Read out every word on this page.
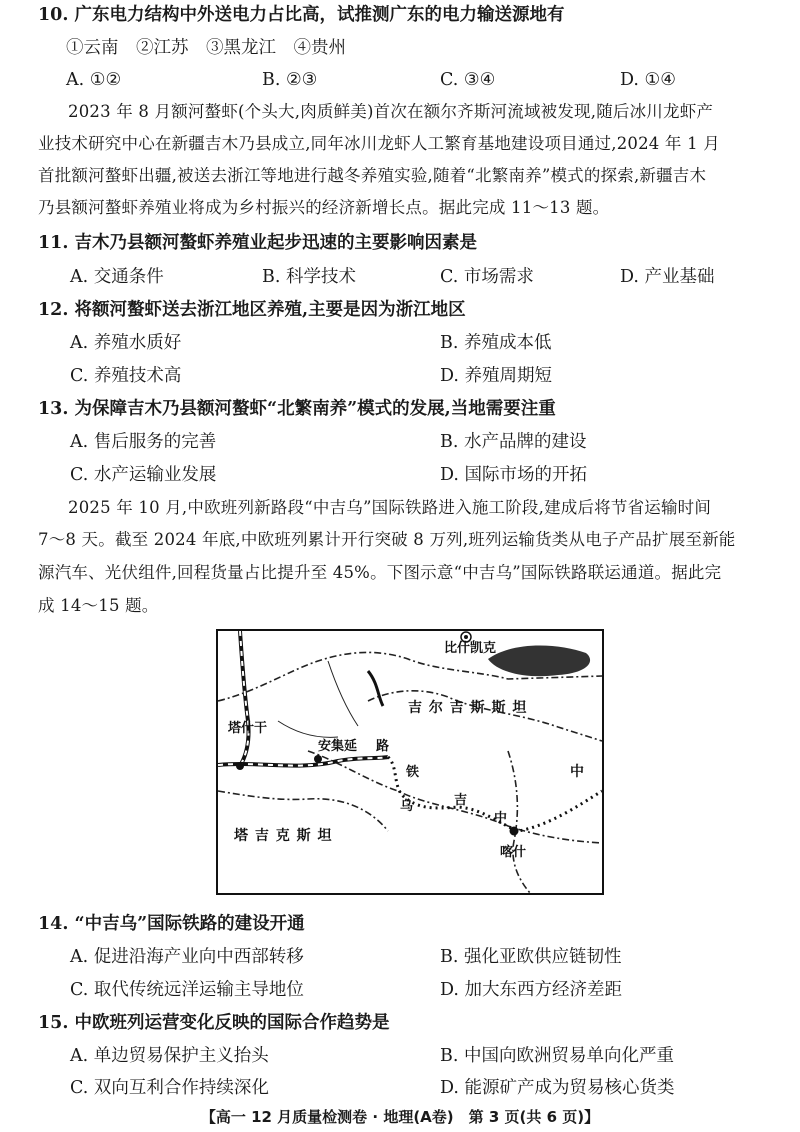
10. 广东电力结构中外送电力占比高，试推测广东的电力输送源地有
①云南　②江苏　③黑龙江　④贵州
A. ①②	B. ②③	C. ③④	D. ①④
2023 年 8 月额河螯虾(个头大,肉质鲜美)首次在额尔齐斯河流域被发现,随后冰川龙虾产
业技术研究中心在新疆吉木乃县成立,同年冰川龙虾人工繁育基地建设项目通过,2024 年 1 月
首批额河螯虾出疆,被送去浙江等地进行越冬养殖实验,随着“北繁南养”模式的探索,新疆吉木
乃县额河螯虾养殖业将成为乡村振兴的经济新增长点。据此完成 11～13 题。
11. 吉木乃县额河螯虾养殖业起步迅速的主要影响因素是
A. 交通条件	B. 科学技术	C. 市场需求	D. 产业基础
12. 将额河螯虾送去浙江地区养殖,主要是因为浙江地区
A. 养殖水质好	B. 养殖成本低
C. 养殖技术高	D. 养殖周期短
13. 为保障吉木乃县额河螯虾“北繁南养”模式的发展,当地需要注重
A. 售后服务的完善	B. 水产品牌的建设
C. 水产运输业发展	D. 国际市场的开拓
2025 年 10 月,中欧班列新路段“中吉乌”国际铁路进入施工阶段,建成后将节省运输时间
7～8 天。截至 2024 年底,中欧班列累计开行突破 8 万列,班列运输货类从电子产品扩展至新能
源汽车、光伏组件,回程货量占比提升至 45%。下图示意“中吉乌”国际铁路联运通道。据此完
成 14～15 题。
比什凯克
吉 尔 吉 斯 斯 坦
塔什干
安集延 路
铁
乌	吉
中
塔 吉 克 斯 坦
喀什
中
14. “中吉乌”国际铁路的建设开通
A. 促进沿海产业向中西部转移	B. 强化亚欧供应链韧性
C. 取代传统远洋运输主导地位	D. 加大东西方经济差距
15. 中欧班列运营变化反映的国际合作趋势是
A. 单边贸易保护主义抬头	B. 中国向欧洲贸易单向化严重
C. 双向互利合作持续深化	D. 能源矿产成为贸易核心货类
【高一 12 月质量检测卷 · 地理(A卷)　第 3 页(共 6 页)】
